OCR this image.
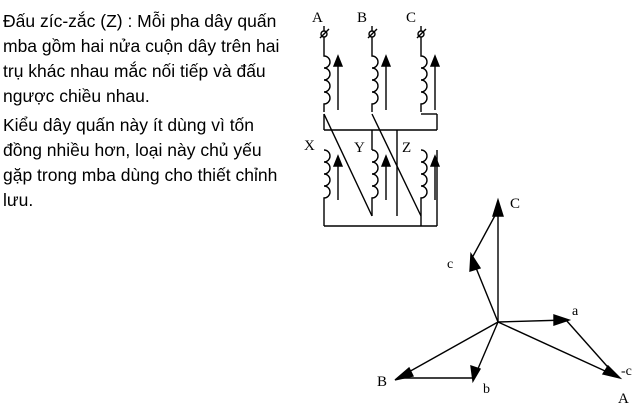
Đấu zíc-zắc (Z) : Mỗi pha dây quấn  mba gồm hai nửa cuộn dây trên hai trụ khác nhau mắc nối tiếp và đấu ngược chiều nhau.

Kiểu dây quấn này ít dùng vì tốn đồng nhiều hơn, loại này chủ yếu gặp trong mba dùng cho thiết chỉnh lưu.

A B	C
X	Y Z
C
B
A
c
a
b
-c
